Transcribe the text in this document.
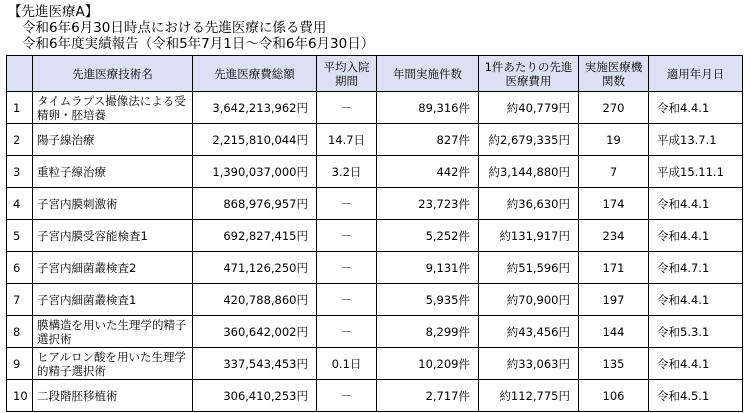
【先進医療A】
令和6年6月30日時点における先進医療に係る費用
令和6年度実績報告（令和5年7月1日～令和6年6月30日）
	先進医療技術名	先進医療費総額	平均入院期間	年間実施件数	1件あたりの先進医療費用	実施医療機関数	適用年月日
1	タイムラプス撮像法による受精卵・胚培養	3,642,213,962円	－	89,316件	約40,779円	270	令和4.4.1
2	陽子線治療	2,215,810,044円	14.7日	827件	約2,679,335円	19	平成13.7.1
3	重粒子線治療	1,390,037,000円	3.2日	442件	約3,144,880円	7	平成15.11.1
4	子宮内膜刺激術	868,976,957円	－	23,723件	約36,630円	174	令和4.4.1
5	子宮内膜受容能検査1	692,827,415円	－	5,252件	約131,917円	234	令和4.4.1
6	子宮内細菌叢検査2	471,126,250円	－	9,131件	約51,596円	171	令和4.7.1
7	子宮内細菌叢検査1	420,788,860円	－	5,935件	約70,900円	197	令和4.4.1
8	膜構造を用いた生理学的精子選択術	360,642,002円	－	8,299件	約43,456円	144	令和5.3.1
9	ヒアルロン酸を用いた生理学的精子選択術	337,543,453円	0.1日	10,209件	約33,063円	135	令和4.4.1
10	二段階胚移植術	306,410,253円	－	2,717件	約112,775円	106	令和4.5.1
